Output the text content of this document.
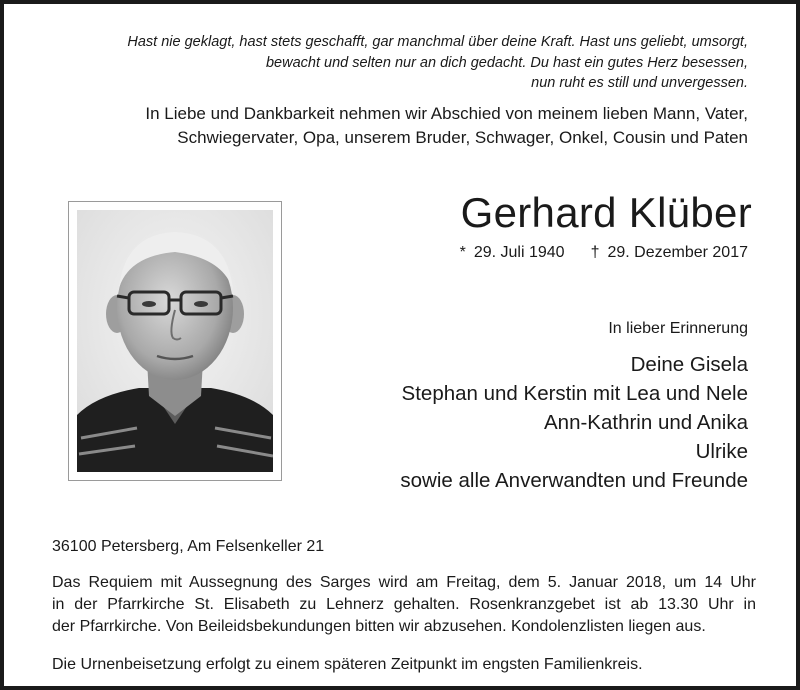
Hast nie geklagt, hast stets geschafft, gar manchmal über deine Kraft. Hast uns geliebt, umsorgt,
bewacht und selten nur an dich gedacht. Du hast ein gutes Herz besessen,
nun ruht es still und unvergessen.
In Liebe und Dankbarkeit nehmen wir Abschied von meinem lieben Mann, Vater,
Schwiegervater, Opa, unserem Bruder, Schwager, Onkel, Cousin und Paten
Gerhard Klüber
* 29. Juli 1940 † 29. Dezember 2017
In lieber Erinnerung
Deine Gisela
Stephan und Kerstin mit Lea und Nele
Ann-Kathrin und Anika
Ulrike
sowie alle Anverwandten und Freunde
36100 Petersberg, Am Felsenkeller 21
Das Requiem mit Aussegnung des Sarges wird am Freitag, dem 5. Januar 2018, um 14 Uhr
in der Pfarrkirche St. Elisabeth zu Lehnerz gehalten. Rosenkranzgebet ist ab 13.30 Uhr in
der Pfarrkirche. Von Beileidsbekundungen bitten wir abzusehen. Kondolenzlisten liegen aus.
Die Urnenbeisetzung erfolgt zu einem späteren Zeitpunkt im engsten Familienkreis.
